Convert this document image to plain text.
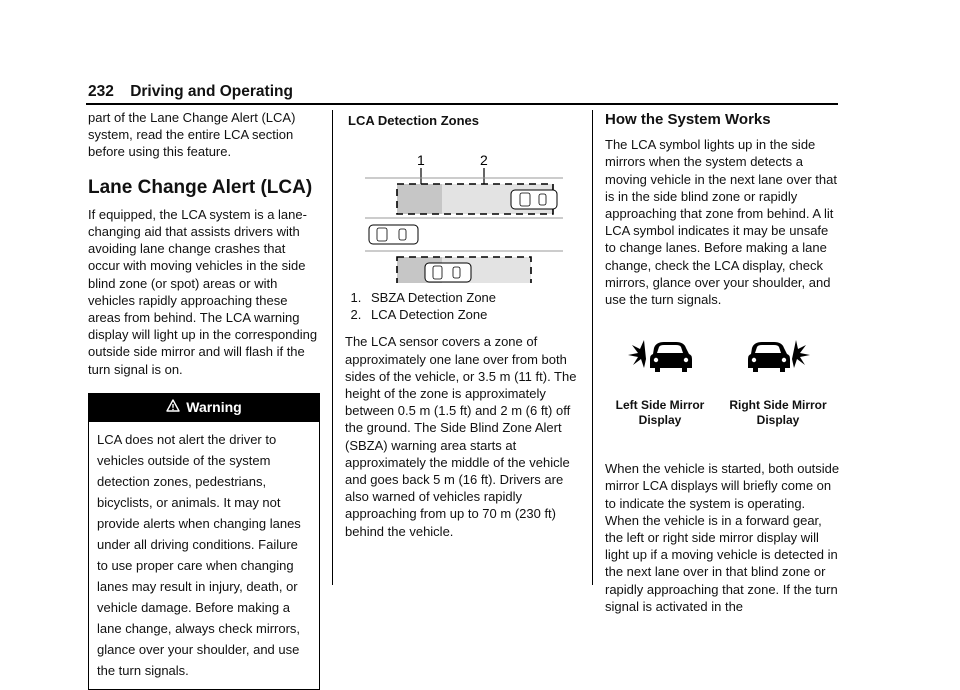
232 Driving and Operating

part of the Lane Change Alert (LCA) system, read the entire LCA section before using this feature.

Lane Change Alert (LCA)

If equipped, the LCA system is a lane-changing aid that assists drivers with avoiding lane change crashes that occur with moving vehicles in the side blind zone (or spot) areas or with vehicles rapidly approaching these areas from behind. The LCA warning display will light up in the corresponding outside side mirror and will flash if the turn signal is on.

Warning
LCA does not alert the driver to vehicles outside of the system detection zones, pedestrians, bicyclists, or animals. It may not provide alerts when changing lanes under all driving conditions. Failure to use proper care when changing lanes may result in injury, death, or vehicle damage. Before making a lane change, always check mirrors, glance over your shoulder, and use the turn signals.

LCA Detection Zones

1	2
1. SBZA Detection Zone
2. LCA Detection Zone

The LCA sensor covers a zone of approximately one lane over from both sides of the vehicle, or 3.5 m (11 ft). The height of the zone is approximately between 0.5 m (1.5 ft) and 2 m (6 ft) off the ground. The Side Blind Zone Alert (SBZA) warning area starts at approximately the middle of the vehicle and goes back 5 m (16 ft). Drivers are also warned of vehicles rapidly approaching from up to 70 m (230 ft) behind the vehicle.

How the System Works

The LCA symbol lights up in the side mirrors when the system detects a moving vehicle in the next lane over that is in the side blind zone or rapidly approaching that zone from behind. A lit LCA symbol indicates it may be unsafe to change lanes. Before making a lane change, check the LCA display, check mirrors, glance over your shoulder, and use the turn signals.

Left Side Mirror Display
Right Side Mirror Display

When the vehicle is started, both outside mirror LCA displays will briefly come on to indicate the system is operating. When the vehicle is in a forward gear, the left or right side mirror display will light up if a moving vehicle is detected in the next lane over in that blind zone or rapidly approaching that zone. If the turn signal is activated in the
